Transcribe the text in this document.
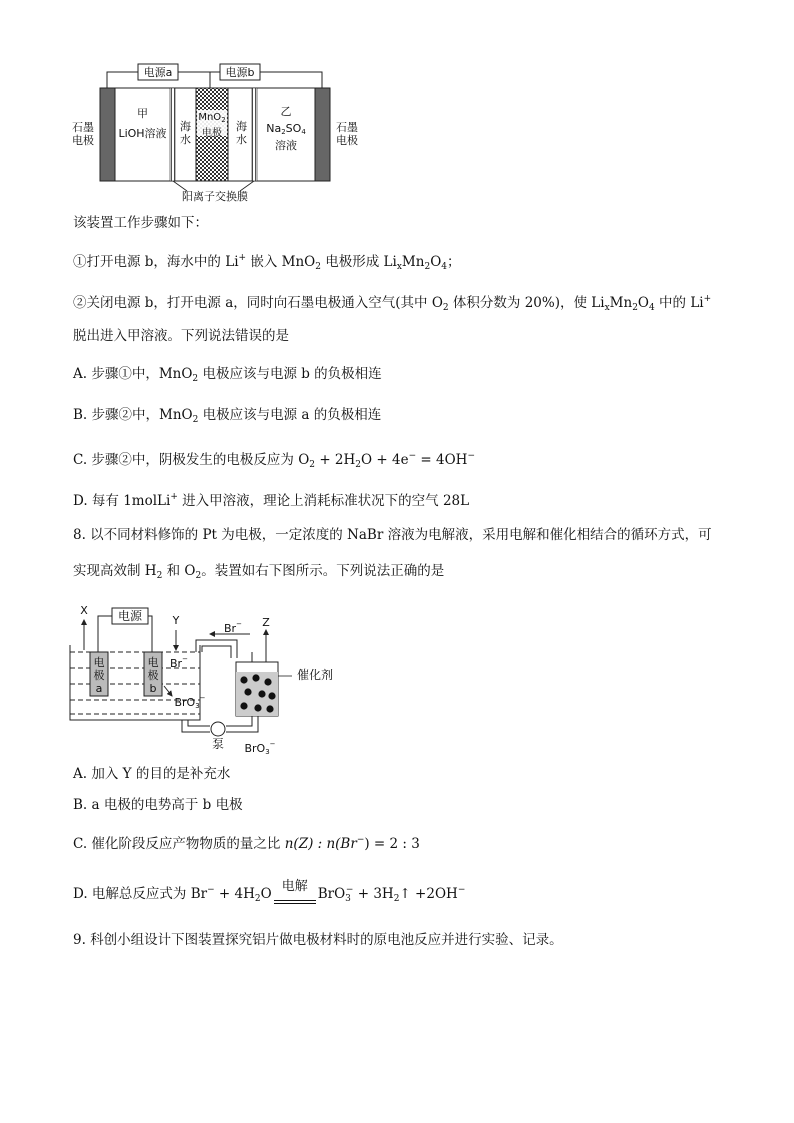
电源a	电源b
石墨
电极
石墨
电极
甲
LiOH溶液
海
水
MnO$_2$
电极
海
水
乙
$Na_2SO_4$
溶液
阳离子交换膜
该装置工作步骤如下：
①打开电源 b，海水中的 Li+ 嵌入 MnO$_2$ 电极形成 $Li_xMn_2O_4$；
②关闭电源 b，打开电源 a，同时向石墨电极通入空气(其中 $O_2$ 体积分数为 20%)，使 $Li_xMn_2O_4$ 中的 Li+
脱出进入甲溶液。下列说法错误的是
A. 步骤①中，MnO$_2$ 电极应该与电源 b 的负极相连
B. 步骤②中，MnO$_2$ 电极应该与电源 a 的负极相连
C. 步骤②中，阴极发生的电极反应为 $O_2 + 2H_2O + 4e^- = 4OH^-$
D. 每有 1molLi+ 进入甲溶液，理论上消耗标准状况下的空气 28L
8. 以不同材料修饰的 Pt 为电极，一定浓度的 NaBr 溶液为电解液，采用电解和催化相结合的循环方式，可
实现高效制 $H_2$ 和 $O_2$。装置如右下图所示。下列说法正确的是
电源
X
Y	Z
Br−
Br−
电
极
a
电
极
b
BrO$_3$−
催化剂
泵 BrO$_3$−
A. 加入 Y 的目的是补充水
B. a 电极的电势高于 b 电极
C. 催化阶段反应产物物质的量之比 n(Z) : n(Br−) = 2 : 3
D. 电解总反应式为 $Br^- + 4H_2O$ 电解 $BrO_3^- + 3H_2↑ +2OH^-$
9. 科创小组设计下图装置探究铝片做电极材料时的原电池反应并进行实验、记录。
